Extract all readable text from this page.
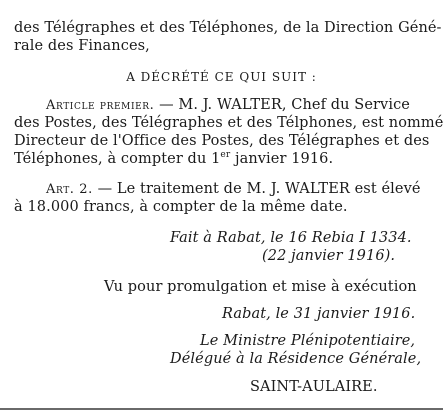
des Télégraphes et des Téléphones, de la Direction Géné-
rale des Finances,
A DÉCRÉTÉ CE QUI SUIT :
Article premier. — M. J. WALTER, Chef du Service
des Postes, des Télégraphes et des Télphones, est nommé
Directeur de l'Office des Postes, des Télégraphes et des
Téléphones, à compter du 1er janvier 1916.
Art. 2. — Le traitement de M. J. WALTER est élevé
à 18.000 francs, à compter de la même date.
Fait à Rabat, le 16 Rebia I 1334.
(22 janvier 1916).
Vu pour promulgation et mise à exécution
Rabat, le 31 janvier 1916.
Le Ministre Plénipotentiaire,
Délégué à la Résidence Générale,
SAINT-AULAIRE.
